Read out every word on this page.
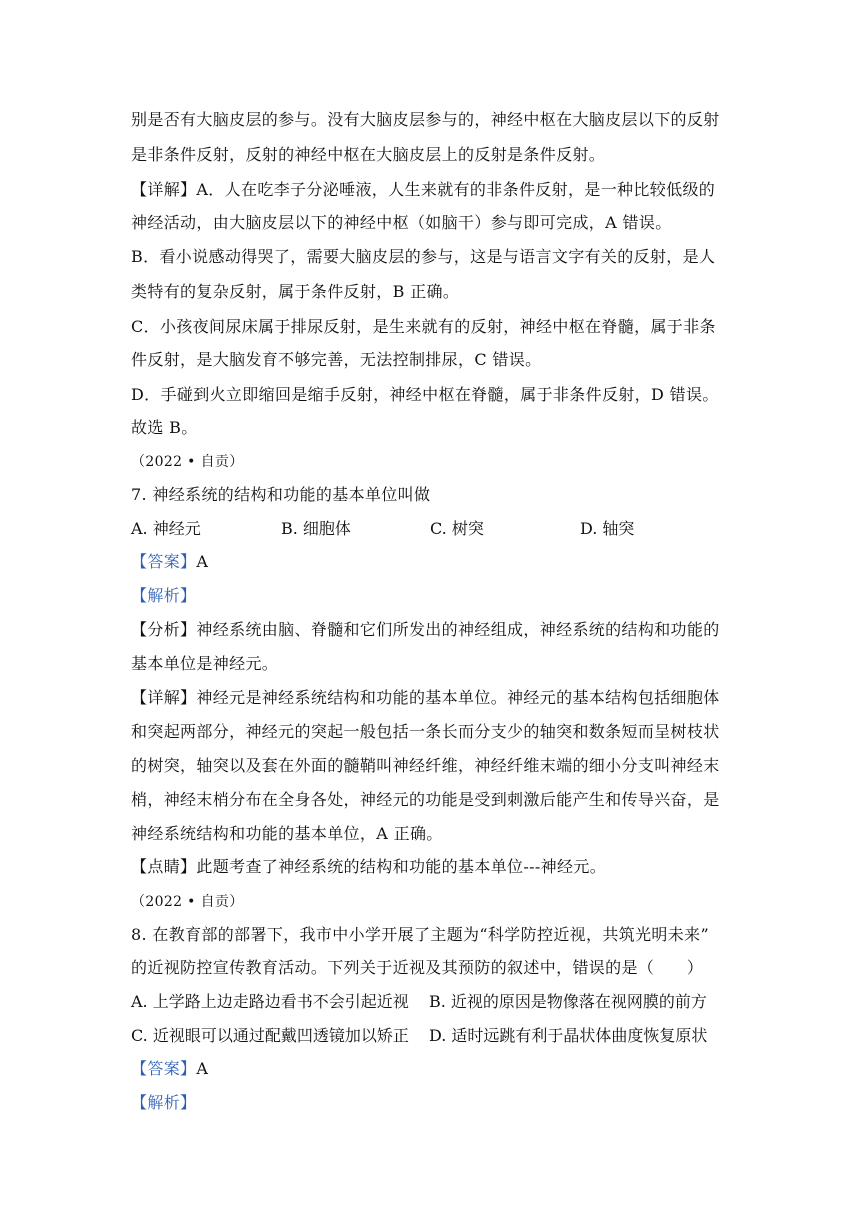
别是否有大脑皮层的参与。没有大脑皮层参与的，神经中枢在大脑皮层以下的反射
是非条件反射，反射的神经中枢在大脑皮层上的反射是条件反射。
【详解】A．人在吃李子分泌唾液，人生来就有的非条件反射，是一种比较低级的
神经活动，由大脑皮层以下的神经中枢（如脑干）参与即可完成，A 错误。
B．看小说感动得哭了，需要大脑皮层的参与，这是与语言文字有关的反射，是人
类特有的复杂反射，属于条件反射，B 正确。
C．小孩夜间尿床属于排尿反射，是生来就有的反射，神经中枢在脊髓，属于非条
件反射，是大脑发育不够完善，无法控制排尿，C 错误。
D．手碰到火立即缩回是缩手反射，神经中枢在脊髓，属于非条件反射，D 错误。
故选 B。
（2022 • 自贡）
7. 神经系统的结构和功能的基本单位叫做
A. 神经元	B. 细胞体	C. 树突	D. 轴突
【答案】A
【解析】
【分析】神经系统由脑、脊髓和它们所发出的神经组成，神经系统的结构和功能的
基本单位是神经元。
【详解】神经元是神经系统结构和功能的基本单位。神经元的基本结构包括细胞体
和突起两部分，神经元的突起一般包括一条长而分支少的轴突和数条短而呈树枝状
的树突，轴突以及套在外面的髓鞘叫神经纤维，神经纤维末端的细小分支叫神经末
梢，神经末梢分布在全身各处，神经元的功能是受到刺激后能产生和传导兴奋，是
神经系统结构和功能的基本单位，A 正确。
【点睛】此题考查了神经系统的结构和功能的基本单位---神经元。
（2022 • 自贡）
8. 在教育部的部署下，我市中小学开展了主题为“科学防控近视，共筑光明未来”
的近视防控宣传教育活动。下列关于近视及其预防的叙述中，错误的是（　　）
A. 上学路上边走路边看书不会引起近视 B. 近视的原因是物像落在视网膜的前方
C. 近视眼可以通过配戴凹透镜加以矫正 D. 适时远跳有利于晶状体曲度恢复原状
【答案】A
【解析】
